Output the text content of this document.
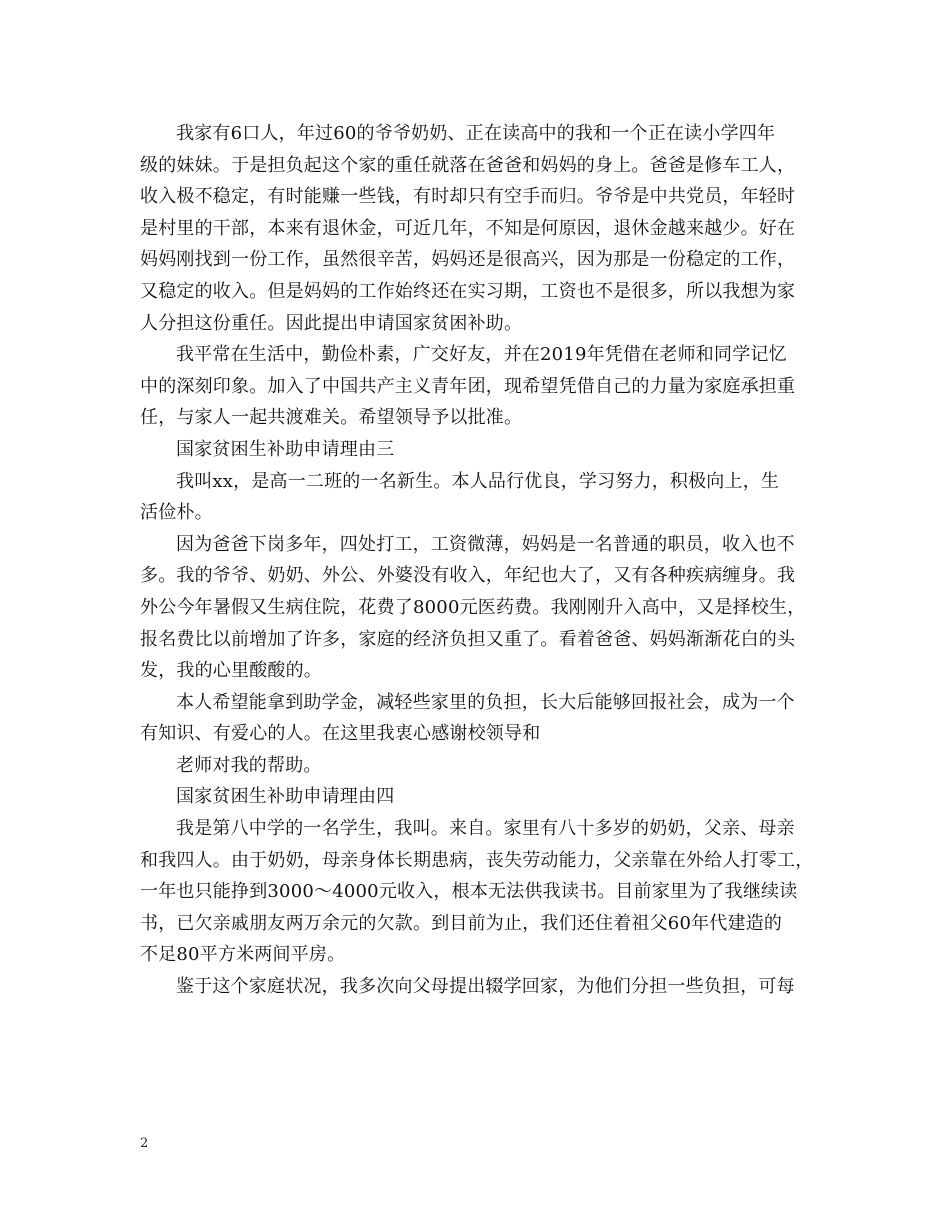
我家有6口人，年过60的爷爷奶奶、正在读高中的我和一个正在读小学四年
级的妹妹。于是担负起这个家的重任就落在爸爸和妈妈的身上。爸爸是修车工人，
收入极不稳定，有时能赚一些钱，有时却只有空手而归。爷爷是中共党员，年轻时
是村里的干部，本来有退休金，可近几年，不知是何原因，退休金越来越少。好在
妈妈刚找到一份工作，虽然很辛苦，妈妈还是很高兴，因为那是一份稳定的工作，
又稳定的收入。但是妈妈的工作始终还在实习期，工资也不是很多，所以我想为家
人分担这份重任。因此提出申请国家贫困补助。
我平常在生活中，勤俭朴素，广交好友，并在2019年凭借在老师和同学记忆
中的深刻印象。加入了中国共产主义青年团，现希望凭借自己的力量为家庭承担重
任，与家人一起共渡难关。希望领导予以批准。
国家贫困生补助申请理由三
我叫xx，是高一二班的一名新生。本人品行优良，学习努力，积极向上，生
活俭朴。
因为爸爸下岗多年，四处打工，工资微薄，妈妈是一名普通的职员，收入也不
多。我的爷爷、奶奶、外公、外婆没有收入，年纪也大了，又有各种疾病缠身。我
外公今年暑假又生病住院，花费了8000元医药费。我刚刚升入高中，又是择校生，
报名费比以前增加了许多，家庭的经济负担又重了。看着爸爸、妈妈渐渐花白的头
发，我的心里酸酸的。
本人希望能拿到助学金，减轻些家里的负担，长大后能够回报社会，成为一个
有知识、有爱心的人。在这里我衷心感谢校领导和
老师对我的帮助。
国家贫困生补助申请理由四
我是第八中学的一名学生，我叫。来自。家里有八十多岁的奶奶，父亲、母亲
和我四人。由于奶奶，母亲身体长期患病，丧失劳动能力，父亲靠在外给人打零工，
一年也只能挣到3000～4000元收入，根本无法供我读书。目前家里为了我继续读
书，已欠亲戚朋友两万余元的欠款。到目前为止，我们还住着祖父60年代建造的
不足80平方米两间平房。
鉴于这个家庭状况，我多次向父母提出辍学回家，为他们分担一些负担，可每
2
